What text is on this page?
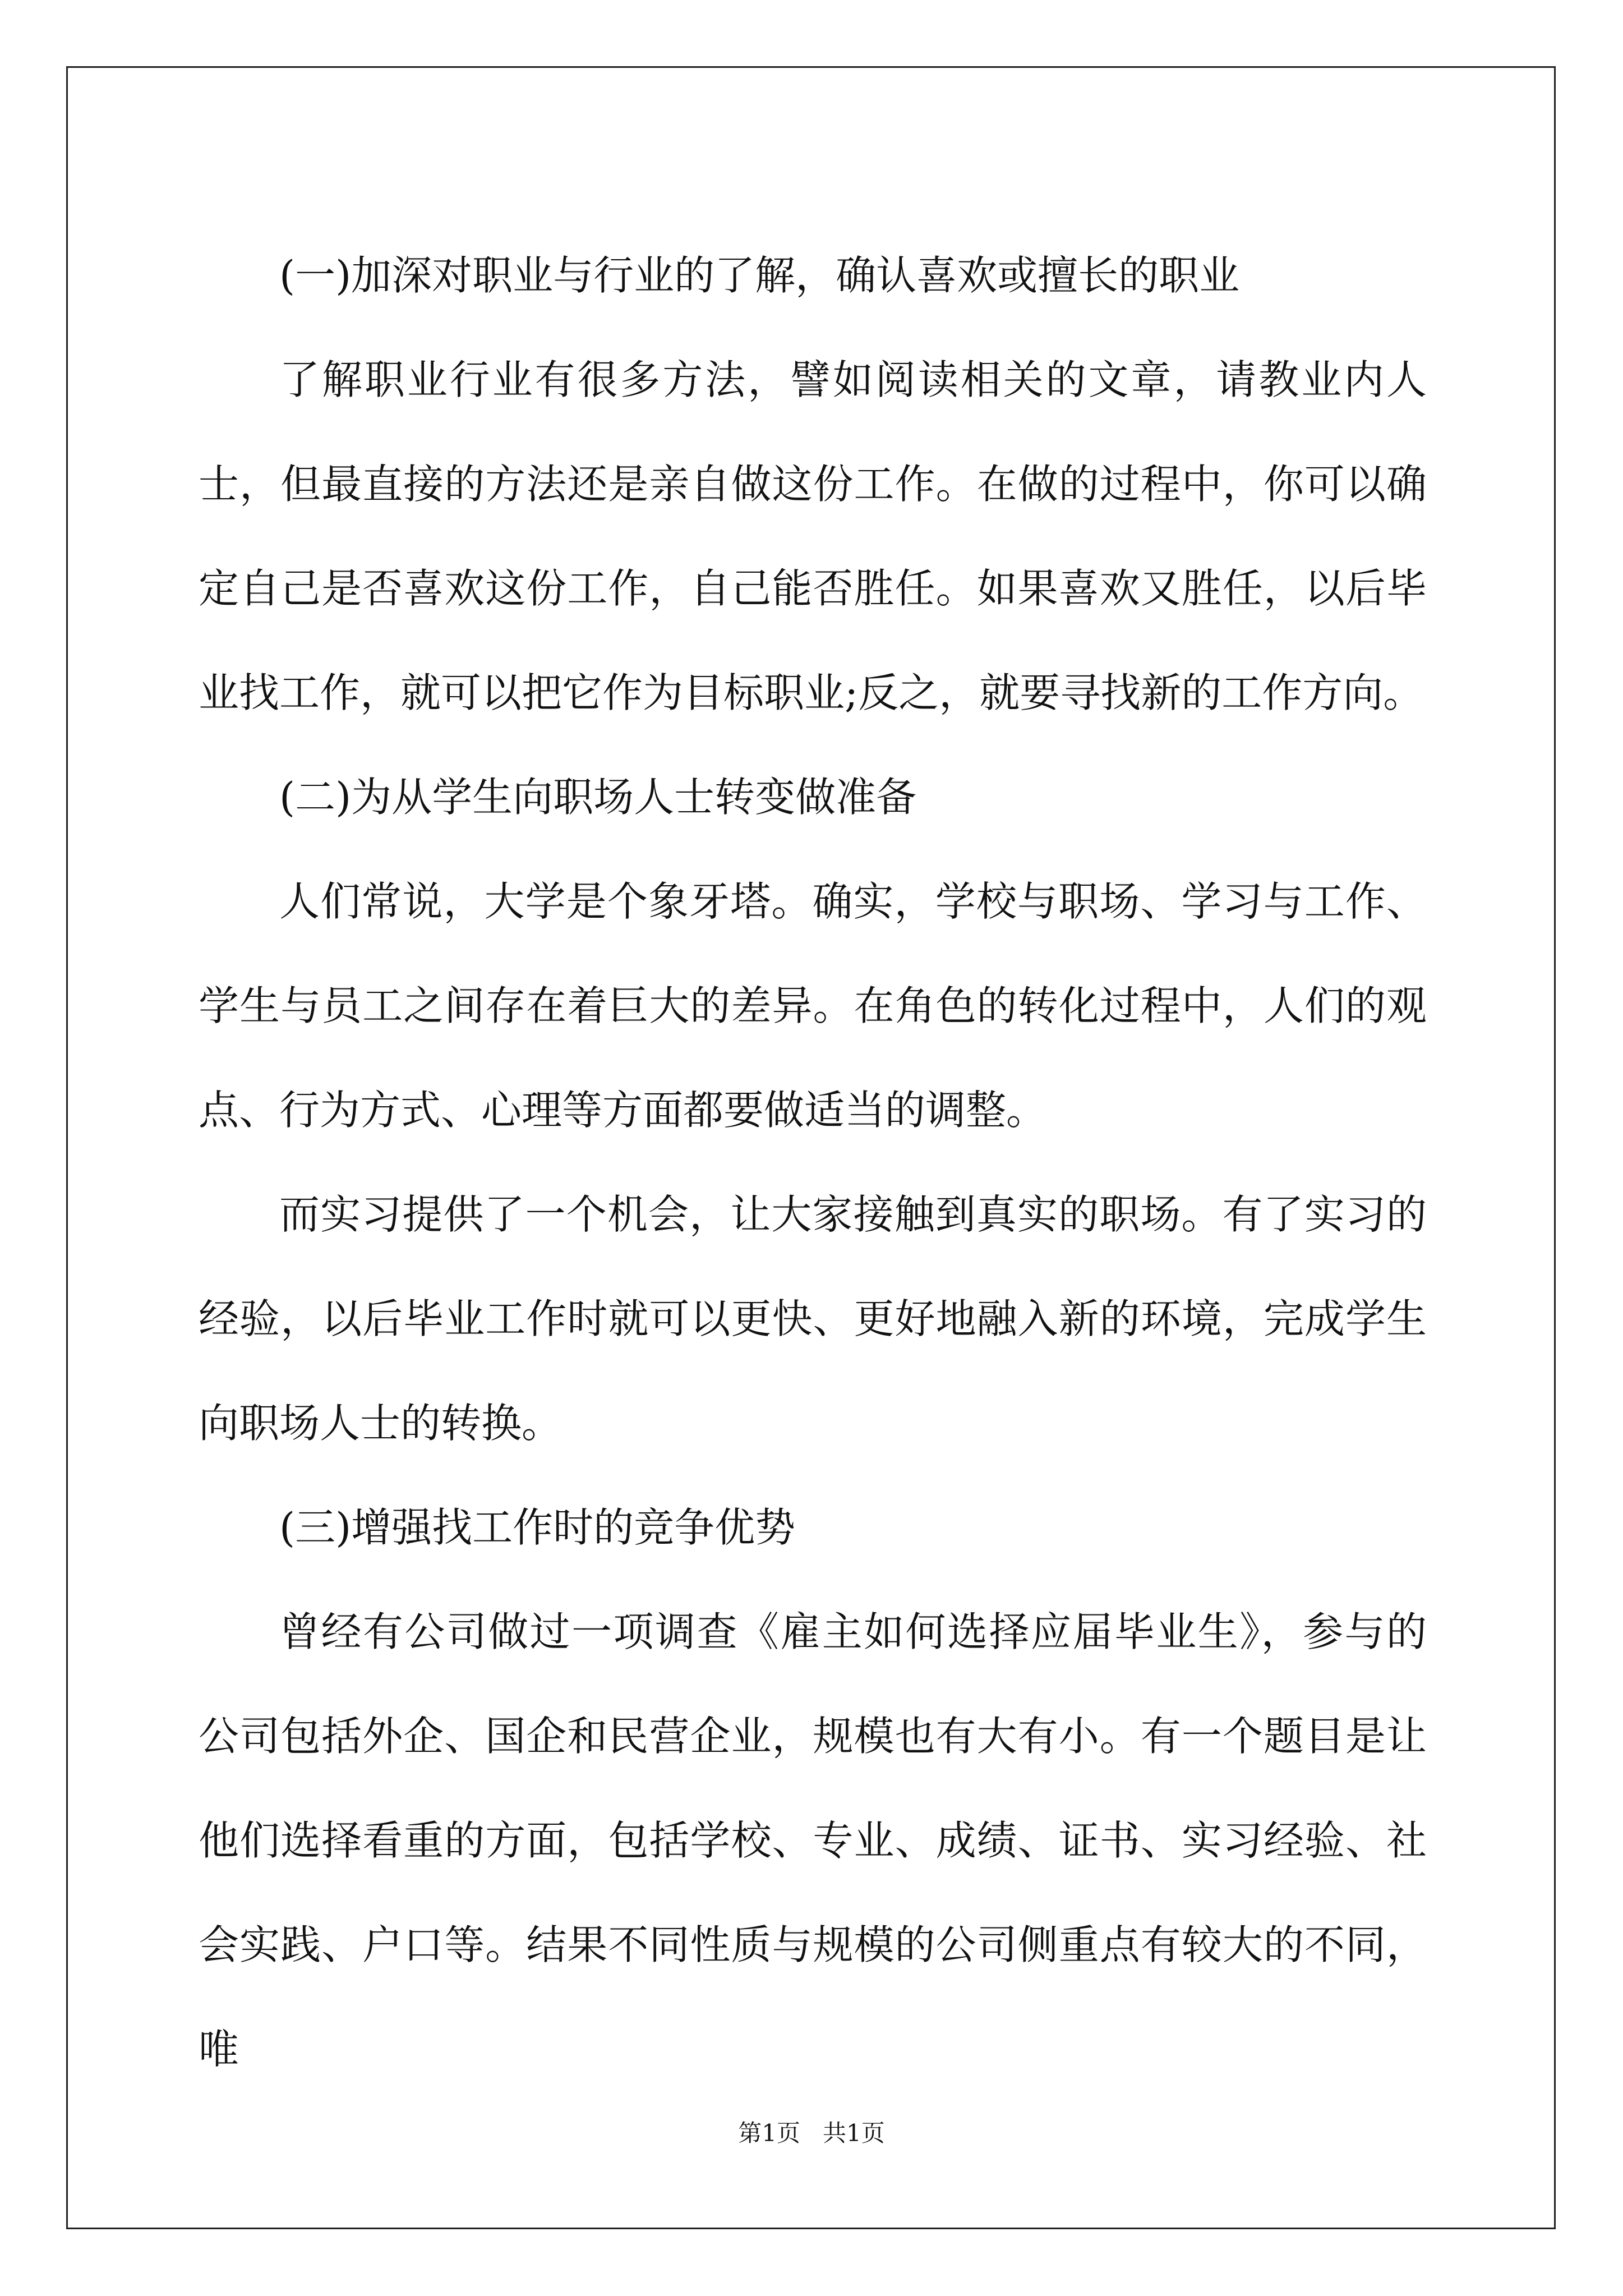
(一)加深对职业与行业的了解，确认喜欢或擅长的职业

了解职业行业有很多方法，譬如阅读相关的文章，请教业内人士，但最直接的方法还是亲自做这份工作。在做的过程中，你可以确定自己是否喜欢这份工作，自己能否胜任。如果喜欢又胜任，以后毕业找工作，就可以把它作为目标职业;反之，就要寻找新的工作方向。

(二)为从学生向职场人士转变做准备

人们常说，大学是个象牙塔。确实，学校与职场、学习与工作、学生与员工之间存在着巨大的差异。在角色的转化过程中，人们的观点、行为方式、心理等方面都要做适当的调整。

而实习提供了一个机会，让大家接触到真实的职场。有了实习的经验，以后毕业工作时就可以更快、更好地融入新的环境，完成学生向职场人士的转换。

(三)增强找工作时的竞争优势

曾经有公司做过一项调查《雇主如何选择应届毕业生》，参与的公司包括外企、国企和民营企业，规模也有大有小。有一个题目是让他们选择看重的方面，包括学校、专业、成绩、证书、实习经验、社会实践、户口等。结果不同性质与规模的公司侧重点有较大的不同，唯

第1页   共1页
